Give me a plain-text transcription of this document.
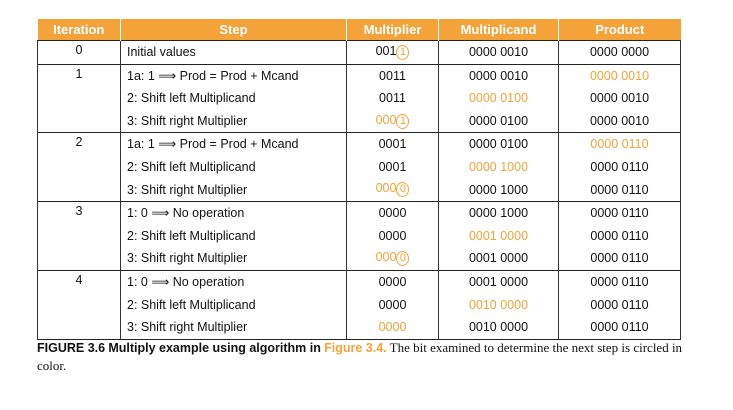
Iteration	Step	Multiplier	Multiplicand	Product
0	Initial values	001 1	0000 0010	0000 0000
1	1a: 1 ⟹ Prod = Prod + Mcand	0011	0000 0010	0000 0010
	2: Shift left Multiplicand	0011	0000 0100	0000 0010
	3: Shift right Multiplier	000 1	0000 0100	0000 0010
2	1a: 1 ⟹ Prod = Prod + Mcand	0001	0000 0100	0000 0110
	2: Shift left Multiplicand	0001	0000 1000	0000 0110
	3: Shift right Multiplier	000 0	0000 1000	0000 0110
3	1: 0 ⟹ No operation	0000	0000 1000	0000 0110
	2: Shift left Multiplicand	0000	0001 0000	0000 0110
	3: Shift right Multiplier	000 0	0001 0000	0000 0110
4	1: 0 ⟹ No operation	0000	0001 0000	0000 0110
	2: Shift left Multiplicand	0000	0010 0000	0000 0110
	3: Shift right Multiplier	0000	0010 0000	0000 0110
FIGURE 3.6 Multiply example using algorithm in Figure 3.4. The bit examined to determine the next step is circled in color.
